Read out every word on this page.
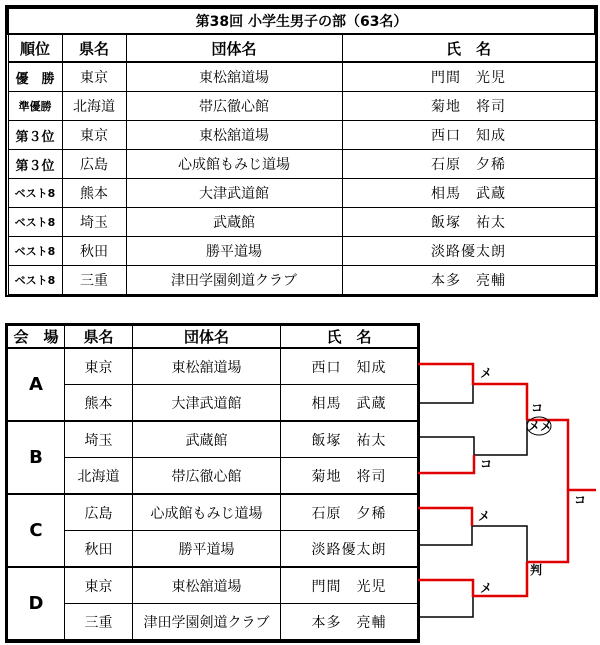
第38回 小学生男子の部（63名）			
順位	県名	団体名	氏　名
優　勝	東京	東松舘道場	門間　光児
準優勝	北海道	帯広徹心館	菊地　将司
第３位	東京	東松舘道場	西口　知成
第３位	広島	心成館もみじ道場	石原　夕稀
ベスト8	熊本	大津武道館	相馬　武蔵
ベスト8	埼玉	武蔵館	飯塚　祐太
ベスト8	秋田	勝平道場	淡路優太朗
ベスト8	三重	津田学園剣道クラブ	本多　亮輔
会　場	県名	団体名	氏　名
A	東京	東松舘道場	西口　知成
	熊本	大津武道館	相馬　武蔵
B	埼玉	武蔵館	飯塚　祐太
	北海道	帯広徹心館	菊地　将司
C	広島	心成館もみじ道場	石原　夕稀
	秋田	勝平道場	淡路優太朗
D	東京	東松舘道場	門間　光児
	三重	津田学園剣道クラブ	本多　亮輔
メ
コ
メ
メ
コ
メメ
判
コ
